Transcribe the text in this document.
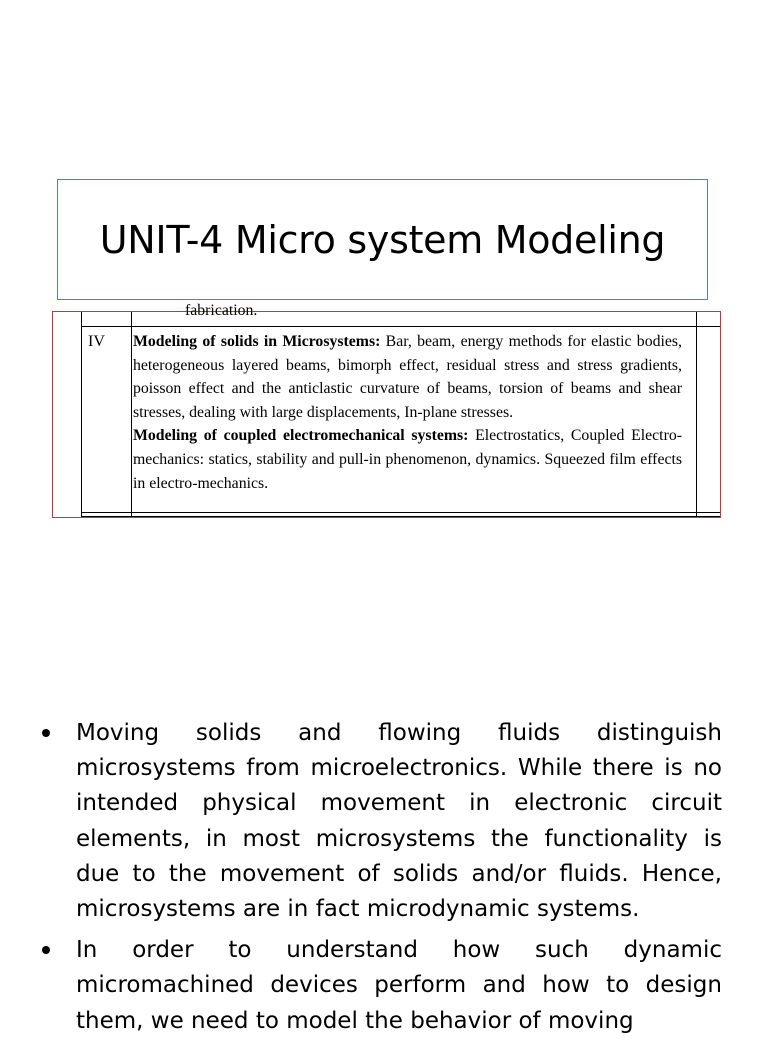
UNIT-4 Micro system Modeling
fabrication.
IV Modeling of solids in Microsystems: Bar, beam, energy methods for elastic bodies, heterogeneous layered beams, bimorph effect, residual stress and stress gradients, poisson effect and the anticlastic curvature of beams, torsion of beams and shear stresses, dealing with large displacements, In-plane stresses.

Modeling of coupled electromechanical systems: Electrostatics, Coupled Electro-mechanics: statics, stability and pull-in phenomenon, dynamics. Squeezed film effects in electro-mechanics.

Moving solids and flowing fluids distinguish microsystems from microelectronics. While there is no intended physical movement in electronic circuit elements, in most microsystems the functionality is due to the movement of solids and/or fluids. Hence, microsystems are in fact microdynamic systems.
In order to understand how such dynamic micromachined devices perform and how to design them, we need to model the behavior of moving
